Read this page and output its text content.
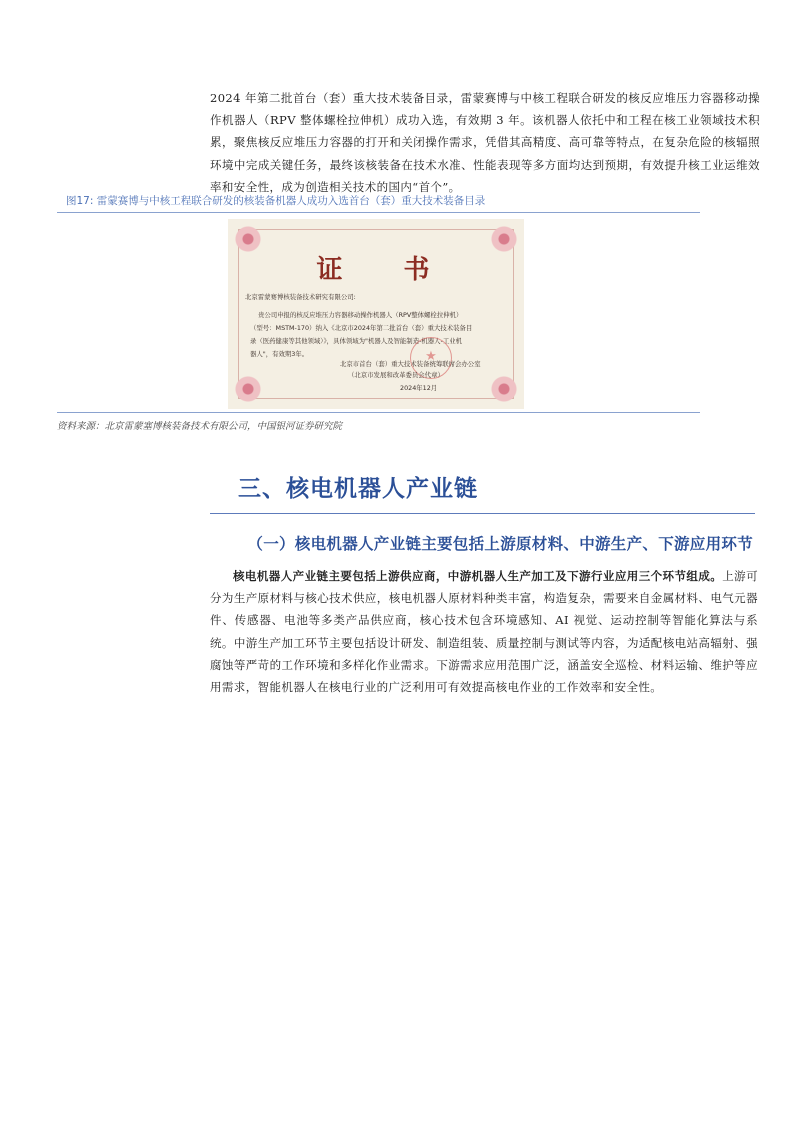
2024 年第二批首台（套）重大技术装备目录，雷蒙赛博与中核工程联合研发的核反应堆压力容器移动操作机器人（RPV 整体螺栓拉伸机）成功入选，有效期 3 年。该机器人依托中和工程在核工业领域技术积累，聚焦核反应堆压力容器的打开和关闭操作需求，凭借其高精度、高可靠等特点，在复杂危险的核辐照环境中完成关键任务，最终该核装备在技术水准、性能表现等多方面均达到预期，有效提升核工业运维效率和安全性，成为创造相关技术的国内“首个”。

图17: 雷蒙赛博与中核工程联合研发的核装备机器人成功入选首台（套）重大技术装备目录

证 书
北京雷蒙赛博核装备技术研究有限公司:
贵公司申报的核反应堆压力容器移动操作机器人（RPV整体螺栓拉伸机）
（型号：MSTM-170）纳入《北京市2024年第二批首台（套）重大技术装备目
录（医药健康等其他领域）》，具体领域为"机器人及智能制造-机器人-工业机
器人"，有效期3年。
★
北京市首台（套）重大技术装备统筹联席会办公室
（北京市发展和改革委员会代章）
2024年12月

资料来源：北京雷蒙塞博核装备技术有限公司，中国银河证券研究院

三、核电机器人产业链
（一）核电机器人产业链主要包括上游原材料、中游生产、下游应用环节

核电机器人产业链主要包括上游供应商，中游机器人生产加工及下游行业应用三个环节组成。上游可分为生产原材料与核心技术供应，核电机器人原材料种类丰富，构造复杂，需要来自金属材料、电气元器件、传感器、电池等多类产品供应商，核心技术包含环境感知、AI 视觉、运动控制等智能化算法与系统。中游生产加工环节主要包括设计研发、制造组装、质量控制与测试等内容，为适配核电站高辐射、强腐蚀等严苛的工作环境和多样化作业需求。下游需求应用范围广泛，涵盖安全巡检、材料运输、维护等应用需求，智能机器人在核电行业的广泛利用可有效提高核电作业的工作效率和安全性。
